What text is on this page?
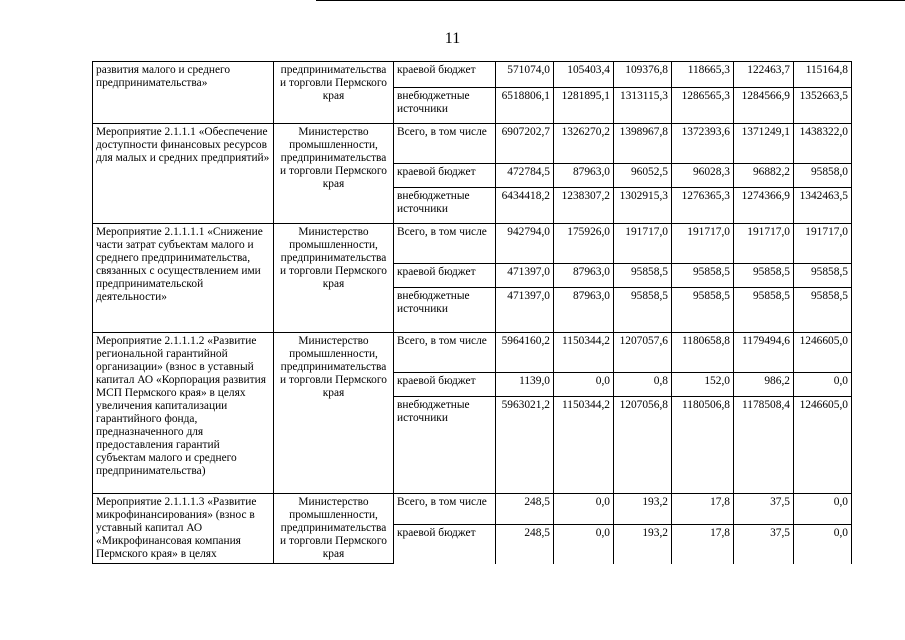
11
развития малого и среднего предпринимательства»	предпринимательства и торговли Пермского края	краевой бюджет	571074,0	105403,4	109376,8	118665,3	122463,7	115164,8
		внебюджетные источники	6518806,1	1281895,1	1313115,3	1286565,3	1284566,9	1352663,5
Мероприятие 2.1.1.1 «Обеспечение доступности финансовых ресурсов для малых и средних предприятий»	Министерство промышленности, предпринимательства и торговли Пермского края	Всего, в том числе	6907202,7	1326270,2	1398967,8	1372393,6	1371249,1	1438322,0
		краевой бюджет	472784,5	87963,0	96052,5	96028,3	96882,2	95858,0
		внебюджетные источники	6434418,2	1238307,2	1302915,3	1276365,3	1274366,9	1342463,5
Мероприятие 2.1.1.1.1 «Снижение части затрат субъектам малого и среднего предпринимательства, связанных с осуществлением ими предпринимательской деятельности»	Министерство промышленности, предпринимательства и торговли Пермского края	Всего, в том числе	942794,0	175926,0	191717,0	191717,0	191717,0	191717,0
		краевой бюджет	471397,0	87963,0	95858,5	95858,5	95858,5	95858,5
		внебюджетные источники	471397,0	87963,0	95858,5	95858,5	95858,5	95858,5
Мероприятие 2.1.1.1.2 «Развитие региональной гарантийной организации» (взнос в уставный капитал АО «Корпорация развития МСП Пермского края» в целях увеличения капитализации гарантийного фонда, предназначенного для предоставления гарантий субъектам малого и среднего предпринимательства)	Министерство промышленности, предпринимательства и торговли Пермского края	Всего, в том числе	5964160,2	1150344,2	1207057,6	1180658,8	1179494,6	1246605,0
		краевой бюджет	1139,0	0,0	0,8	152,0	986,2	0,0
		внебюджетные источники	5963021,2	1150344,2	1207056,8	1180506,8	1178508,4	1246605,0
Мероприятие 2.1.1.1.3 «Развитие микрофинансирования» (взнос в уставный капитал АО «Микрофинансовая компания Пермского края» в целях	Министерство промышленности, предпринимательства и торговли Пермского края	Всего, в том числе	248,5	0,0	193,2	17,8	37,5	0,0
		краевой бюджет	248,5	0,0	193,2	17,8	37,5	0,0
